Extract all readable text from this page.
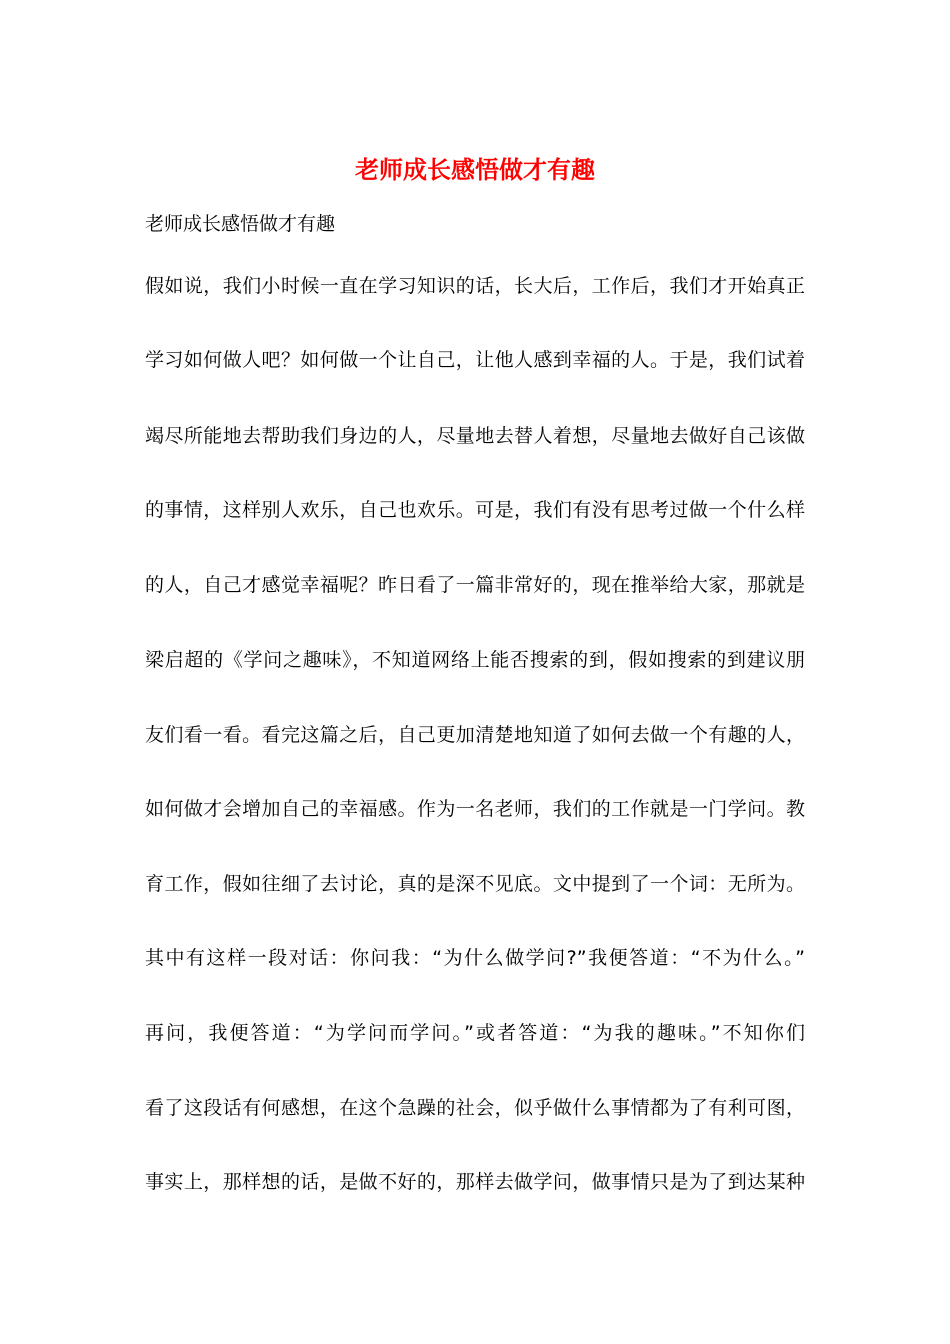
老师成长感悟做才有趣

老师成长感悟做才有趣

假如说，我们小时候一直在学习知识的话，长大后，工作后，我们才开始真正
学习如何做人吧？如何做一个让自己，让他人感到幸福的人。于是，我们试着
竭尽所能地去帮助我们身边的人，尽量地去替人着想，尽量地去做好自己该做
的事情，这样别人欢乐，自己也欢乐。可是，我们有没有思考过做一个什么样
的人，自己才感觉幸福呢？昨日看了一篇非常好的，现在推举给大家，那就是
梁启超的《学问之趣味》，不知道网络上能否搜索的到，假如搜索的到建议朋
友们看一看。看完这篇之后，自己更加清楚地知道了如何去做一个有趣的人，
如何做才会增加自己的幸福感。作为一名老师，我们的工作就是一门学问。教
育工作，假如往细了去讨论，真的是深不见底。文中提到了一个词：无所为。
其中有这样一段对话：你问我：“为什么做学问?”我便答道：“不为什么。”
再问，我便答道：“为学问而学问。”或者答道：“为我的趣味。”不知你们
看了这段话有何感想，在这个急躁的社会，似乎做什么事情都为了有利可图，
事实上，那样想的话，是做不好的，那样去做学问，做事情只是为了到达某种
